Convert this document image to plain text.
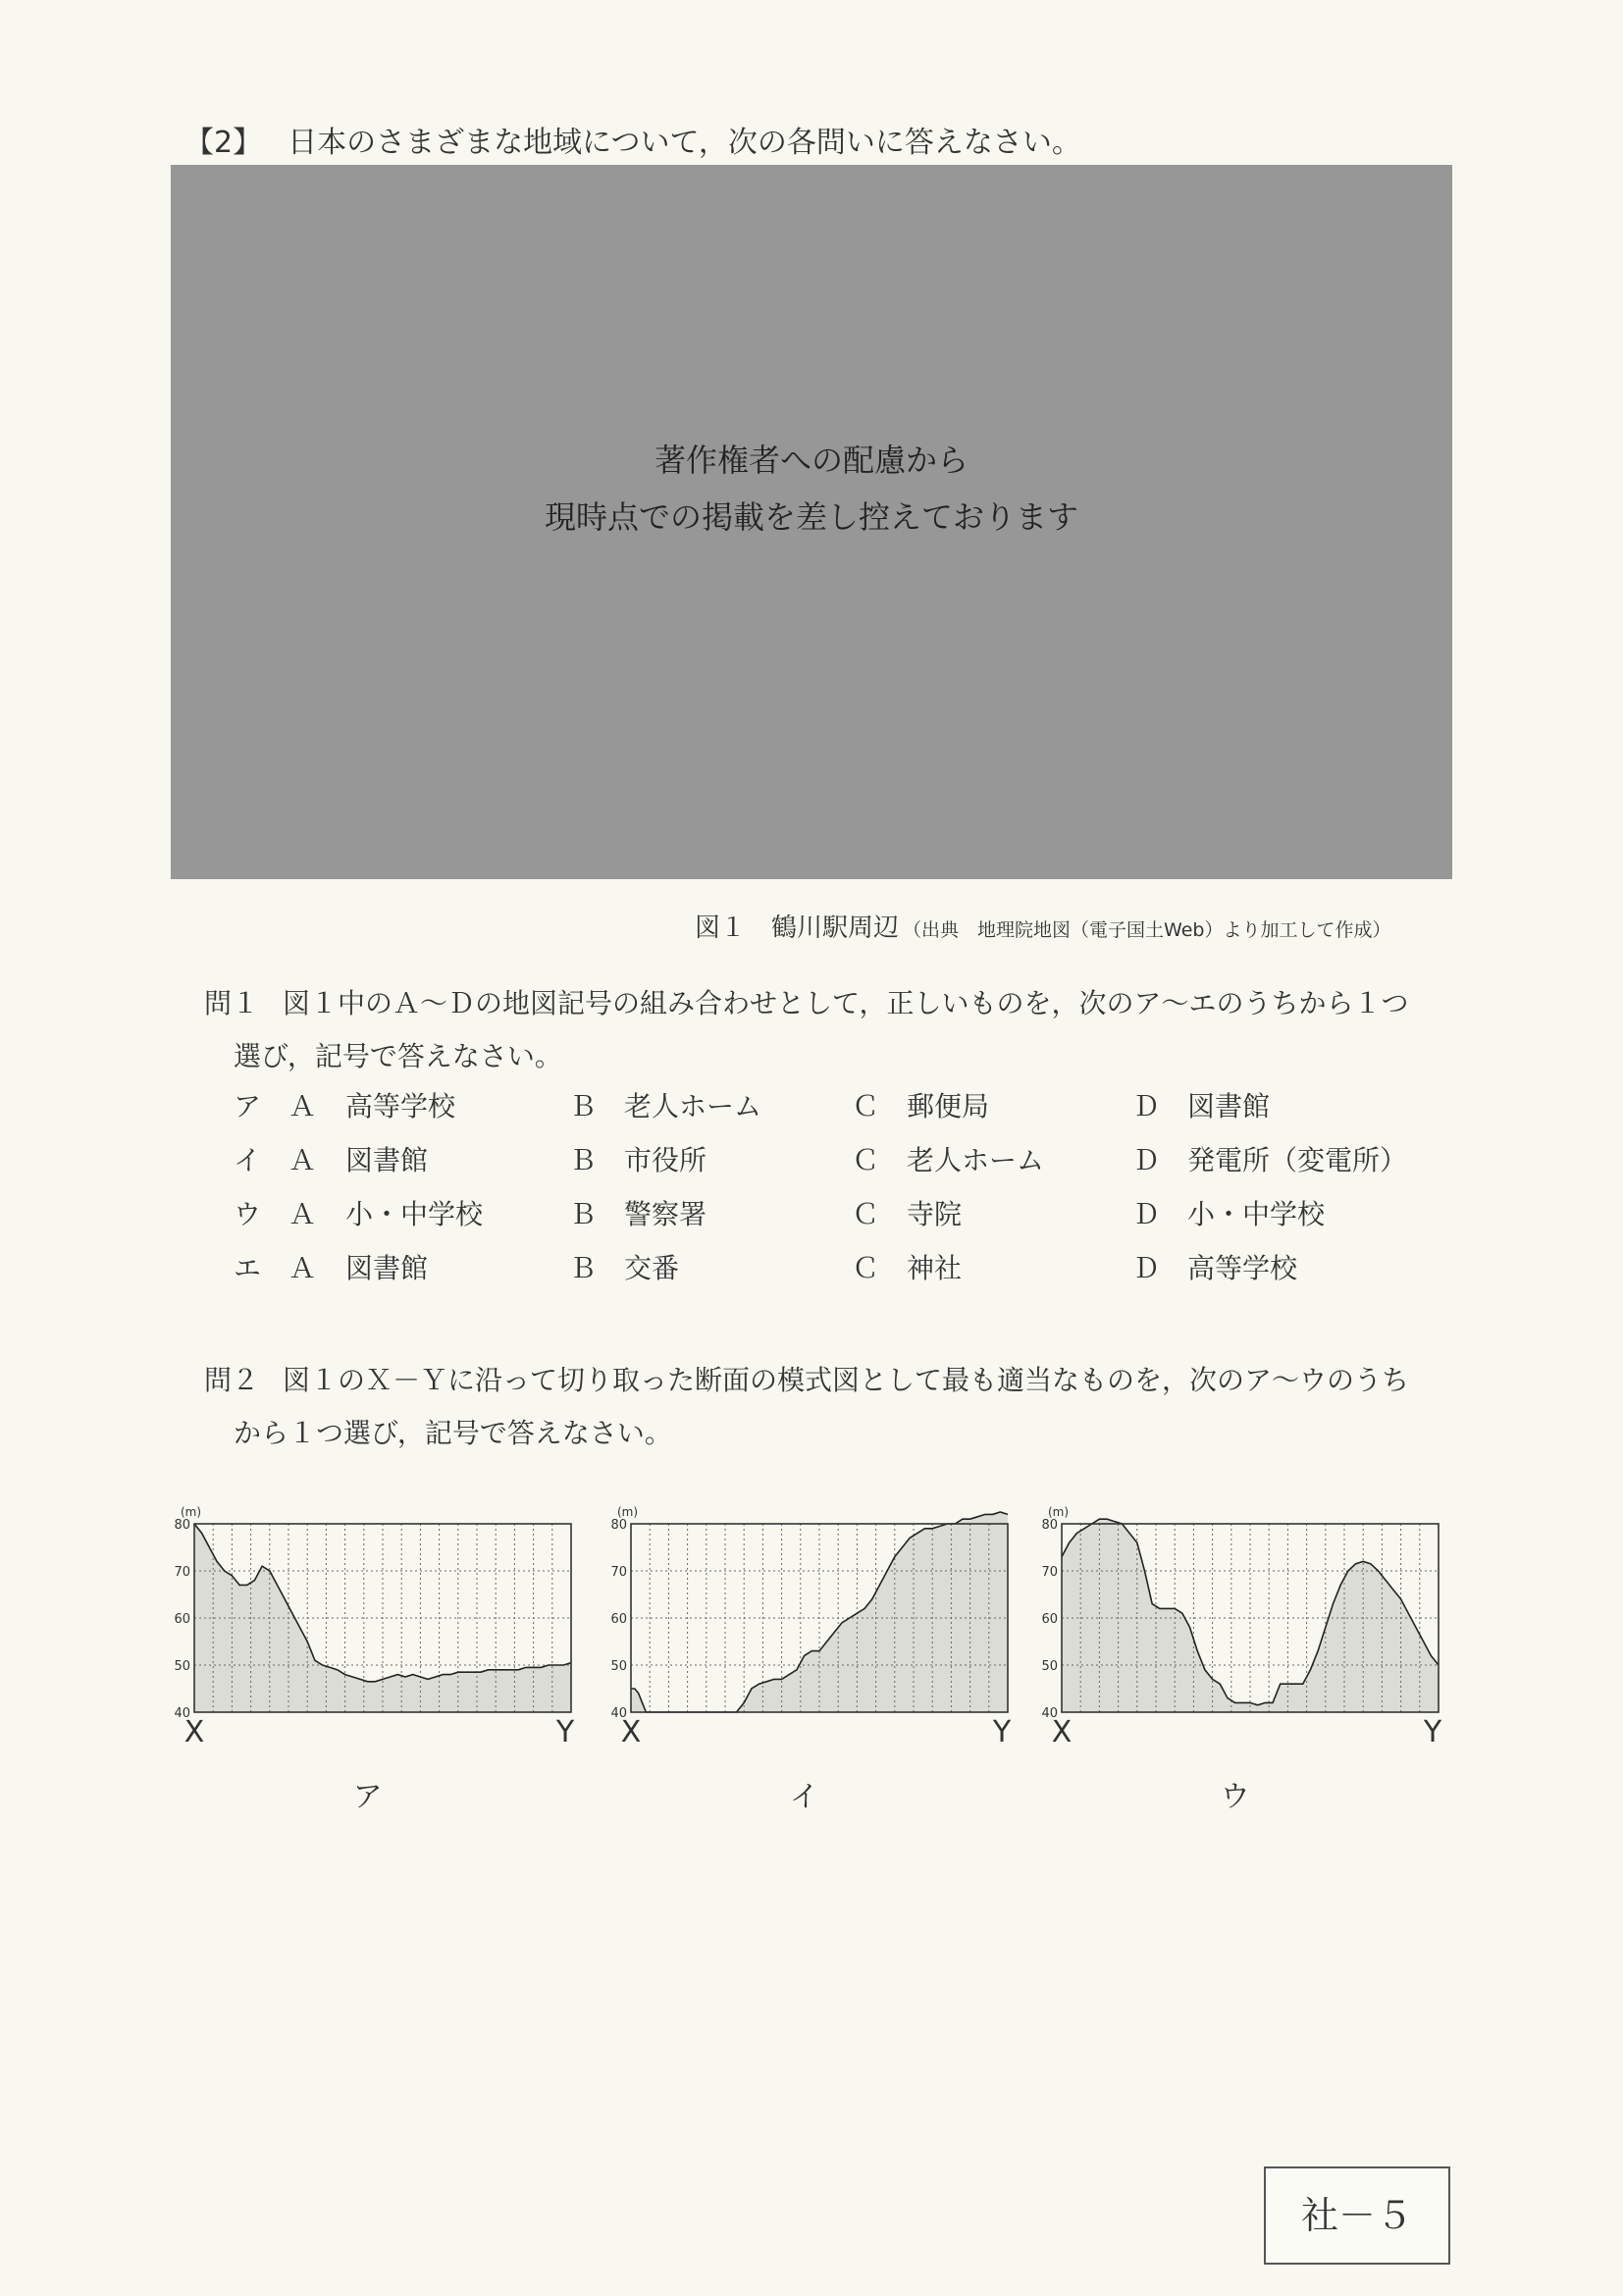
【2】 日本のさまざまな地域について，次の各問いに答えなさい。
著作権者への配慮から
現時点での掲載を差し控えております
図１　鶴川駅周辺 （出典　地理院地図（電子国土Web）より加工して作成）
問１ 図１中のＡ～Ｄの地図記号の組み合わせとして，正しいものを，次のア～エのうちから１つ
選び，記号で答えなさい。
ア Ａ 高等学校	Ｂ 老人ホーム	Ｃ 郵便局	Ｄ 図書館
イ Ａ 図書館	Ｂ 市役所	Ｃ 老人ホーム	Ｄ 発電所（変電所）
ウ Ａ 小・中学校	Ｂ 警察署	Ｃ 寺院	Ｄ 小・中学校
エ Ａ 図書館	Ｂ 交番	Ｃ 神社	Ｄ 高等学校
問２ 図１のＸ－Ｙに沿って切り取った断面の模式図として最も適当なものを，次のア～ウのうち
から１つ選び，記号で答えなさい。
40
50
60
70
80
(m)
X	Y
ア
40
50
60
70
80
(m)
X	Y
イ
40
50
60
70
80
(m)
X	Y
ウ
社－５
